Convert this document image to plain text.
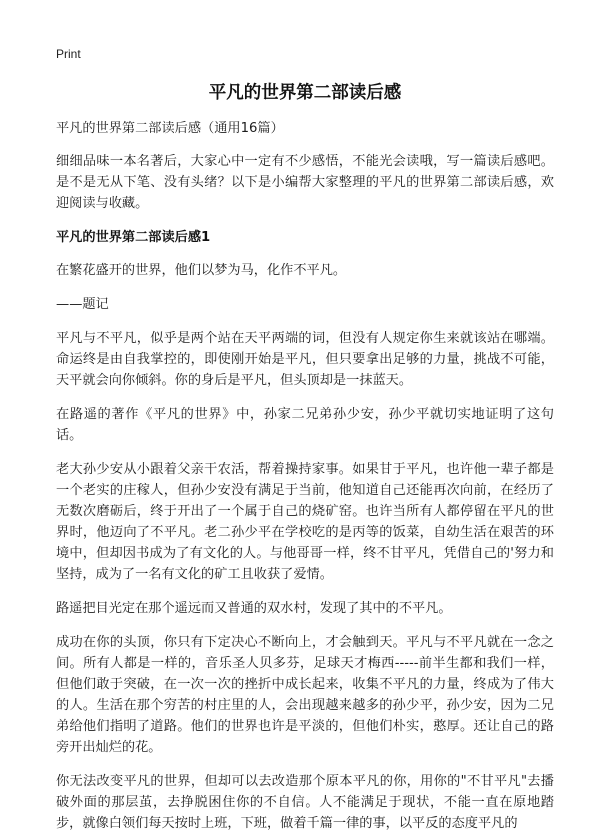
Print
平凡的世界第二部读后感
平凡的世界第二部读后感（通用16篇）
细细品味一本名著后，大家心中一定有不少感悟，不能光会读哦，写一篇读后感吧。是不是无从下笔、没有头绪？以下是小编帮大家整理的平凡的世界第二部读后感，欢迎阅读与收藏。
平凡的世界第二部读后感1
在繁花盛开的世界，他们以梦为马，化作不平凡。
——题记
平凡与不平凡，似乎是两个站在天平两端的词，但没有人规定你生来就该站在哪端。命运终是由自我掌控的，即使刚开始是平凡，但只要拿出足够的力量，挑战不可能，天平就会向你倾斜。你的身后是平凡，但头顶却是一抹蓝天。
在路遥的著作《平凡的世界》中，孙家二兄弟孙少安，孙少平就切实地证明了这句话。
老大孙少安从小跟着父亲干农活，帮着操持家事。如果甘于平凡，也许他一辈子都是一个老实的庄稼人，但孙少安没有满足于当前，他知道自己还能再次向前，在经历了无数次磨砺后，终于开出了一个属于自己的烧矿窑。也许当所有人都停留在平凡的世界时，他迈向了不平凡。老二孙少平在学校吃的是丙等的饭菜，自幼生活在艰苦的环境中，但却因书成为了有文化的人。与他哥哥一样，终不甘平凡，凭借自己的'努力和坚持，成为了一名有文化的矿工且收获了爱情。
路遥把目光定在那个遥远而又普通的双水村，发现了其中的不平凡。
成功在你的头顶，你只有下定决心不断向上，才会触到天。平凡与不平凡就在一念之间。所有人都是一样的，音乐圣人贝多芬，足球天才梅西-----前半生都和我们一样，但他们敢于突破，在一次一次的挫折中成长起来，收集不平凡的力量，终成为了伟大的人。生活在那个穷苦的村庄里的人，会出现越来越多的孙少平，孙少安，因为二兄弟给他们指明了道路。他们的世界也许是平淡的，但他们朴实，憨厚。还让自己的路旁开出灿烂的花。
你无法改变平凡的世界，但却可以去改造那个原本平凡的你，用你的"不甘平凡"去播破外面的那层茧，去挣脱困住你的不自信。人不能满足于现状，不能一直在原地踏步，就像白领们每天按时上班，下班，做着千篇一律的事，以平反的态度平凡的
